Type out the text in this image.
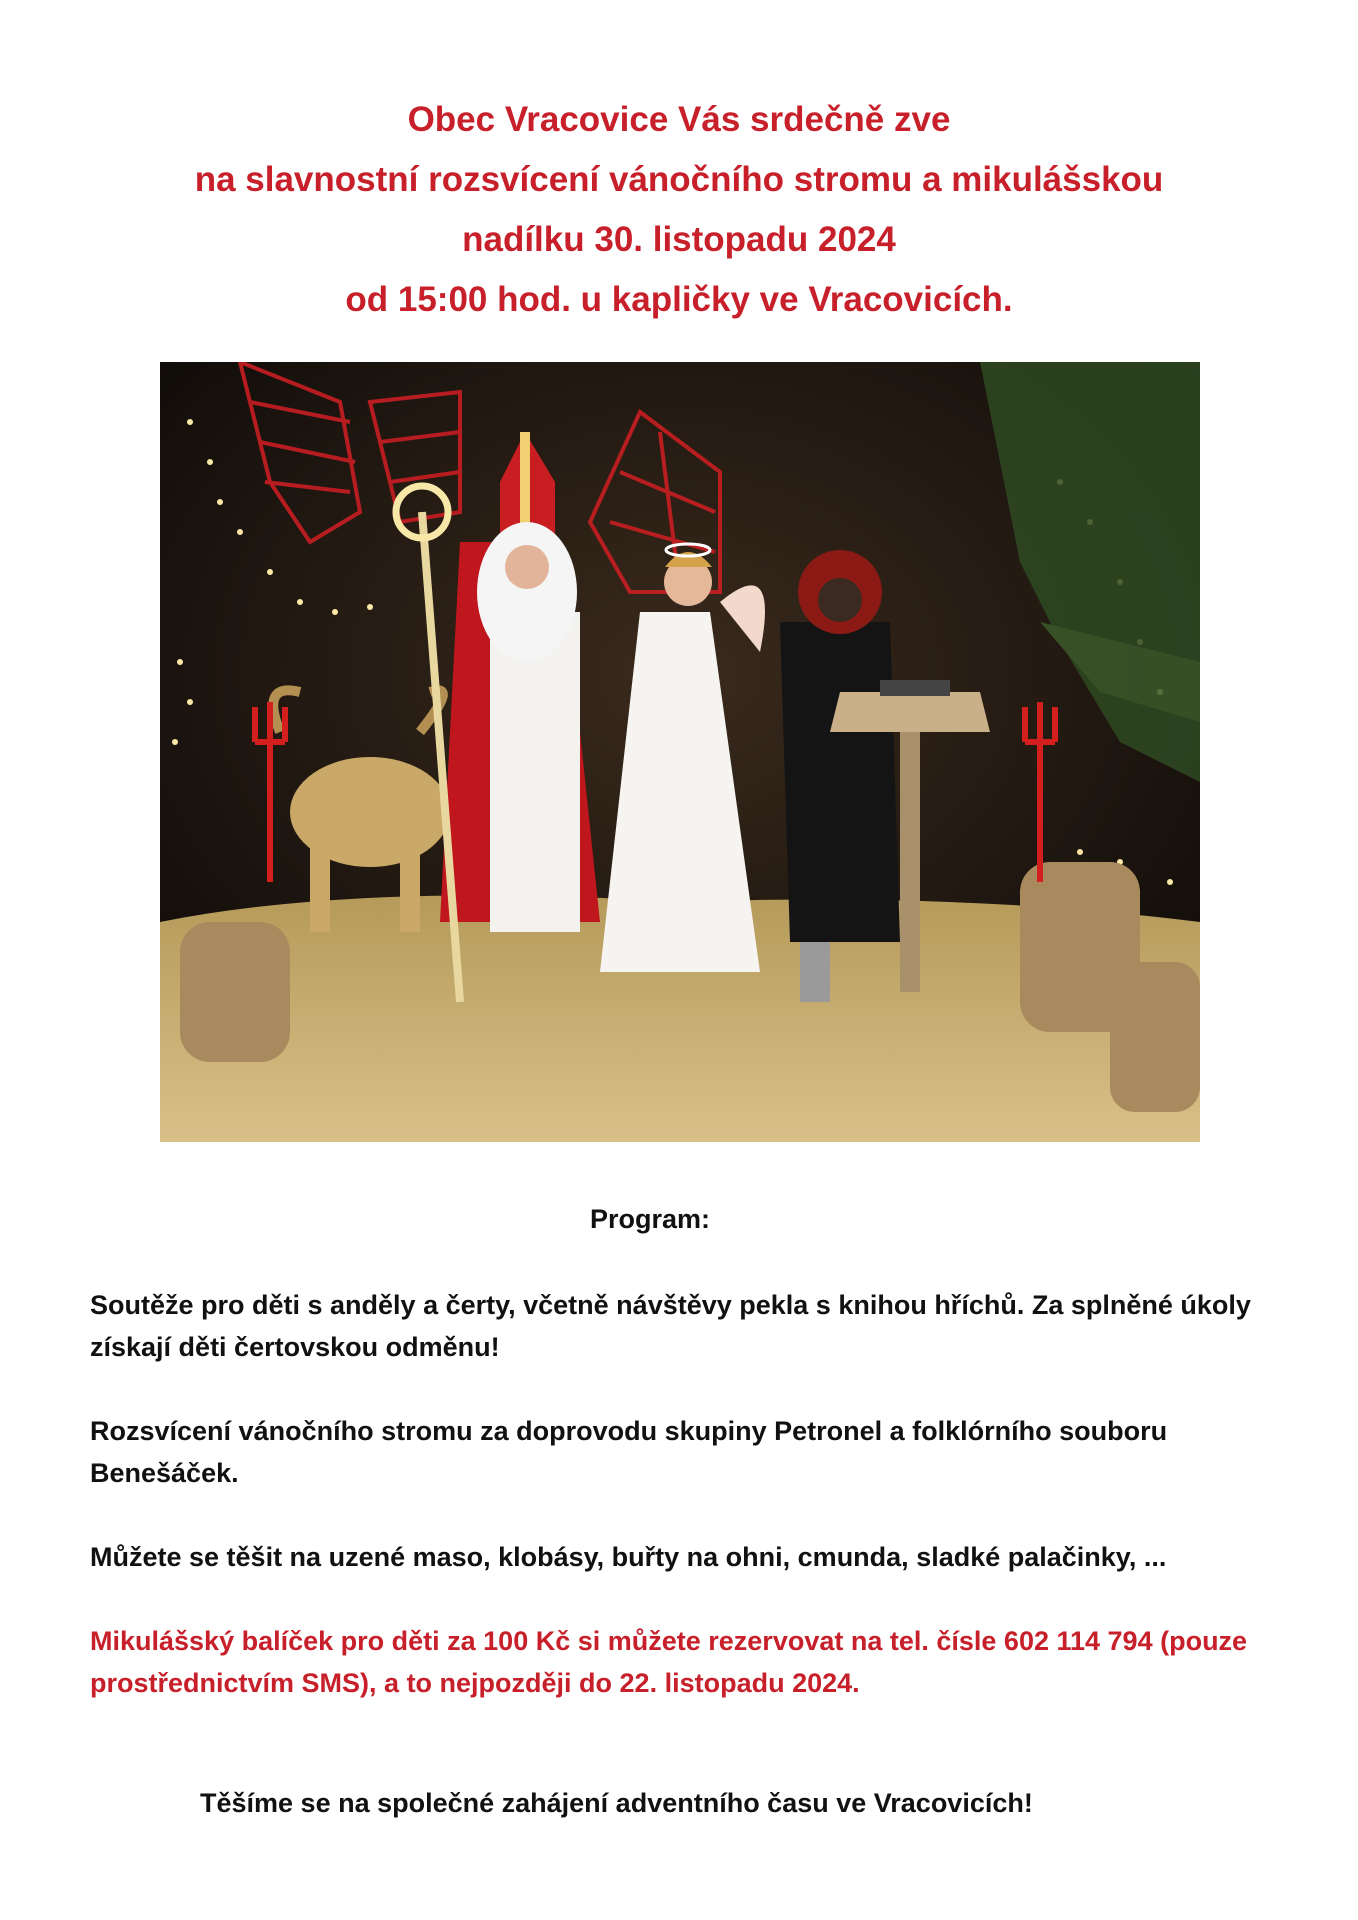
Obec Vracovice Vás srdečně zve
na slavnostní rozsvícení vánočního stromu a mikulášskou
nadílku 30. listopadu 2024
od 15:00 hod. u kapličky ve Vracovicích.
Program:
Soutěže pro děti s anděly a čerty, včetně návštěvy pekla s knihou hříchů. Za splněné úkoly získají děti čertovskou odměnu!
Rozsvícení vánočního stromu za doprovodu skupiny Petronel a folklórního souboru Benešáček.
Můžete se těšit na uzené maso, klobásy, buřty na ohni, cmunda, sladké palačinky, ...
Mikulášský balíček pro děti za 100 Kč si můžete rezervovat na tel. čísle 602 114 794 (pouze prostřednictvím SMS), a to nejpozději do 22. listopadu 2024.
Těšíme se na společné zahájení adventního času ve Vracovicích!
